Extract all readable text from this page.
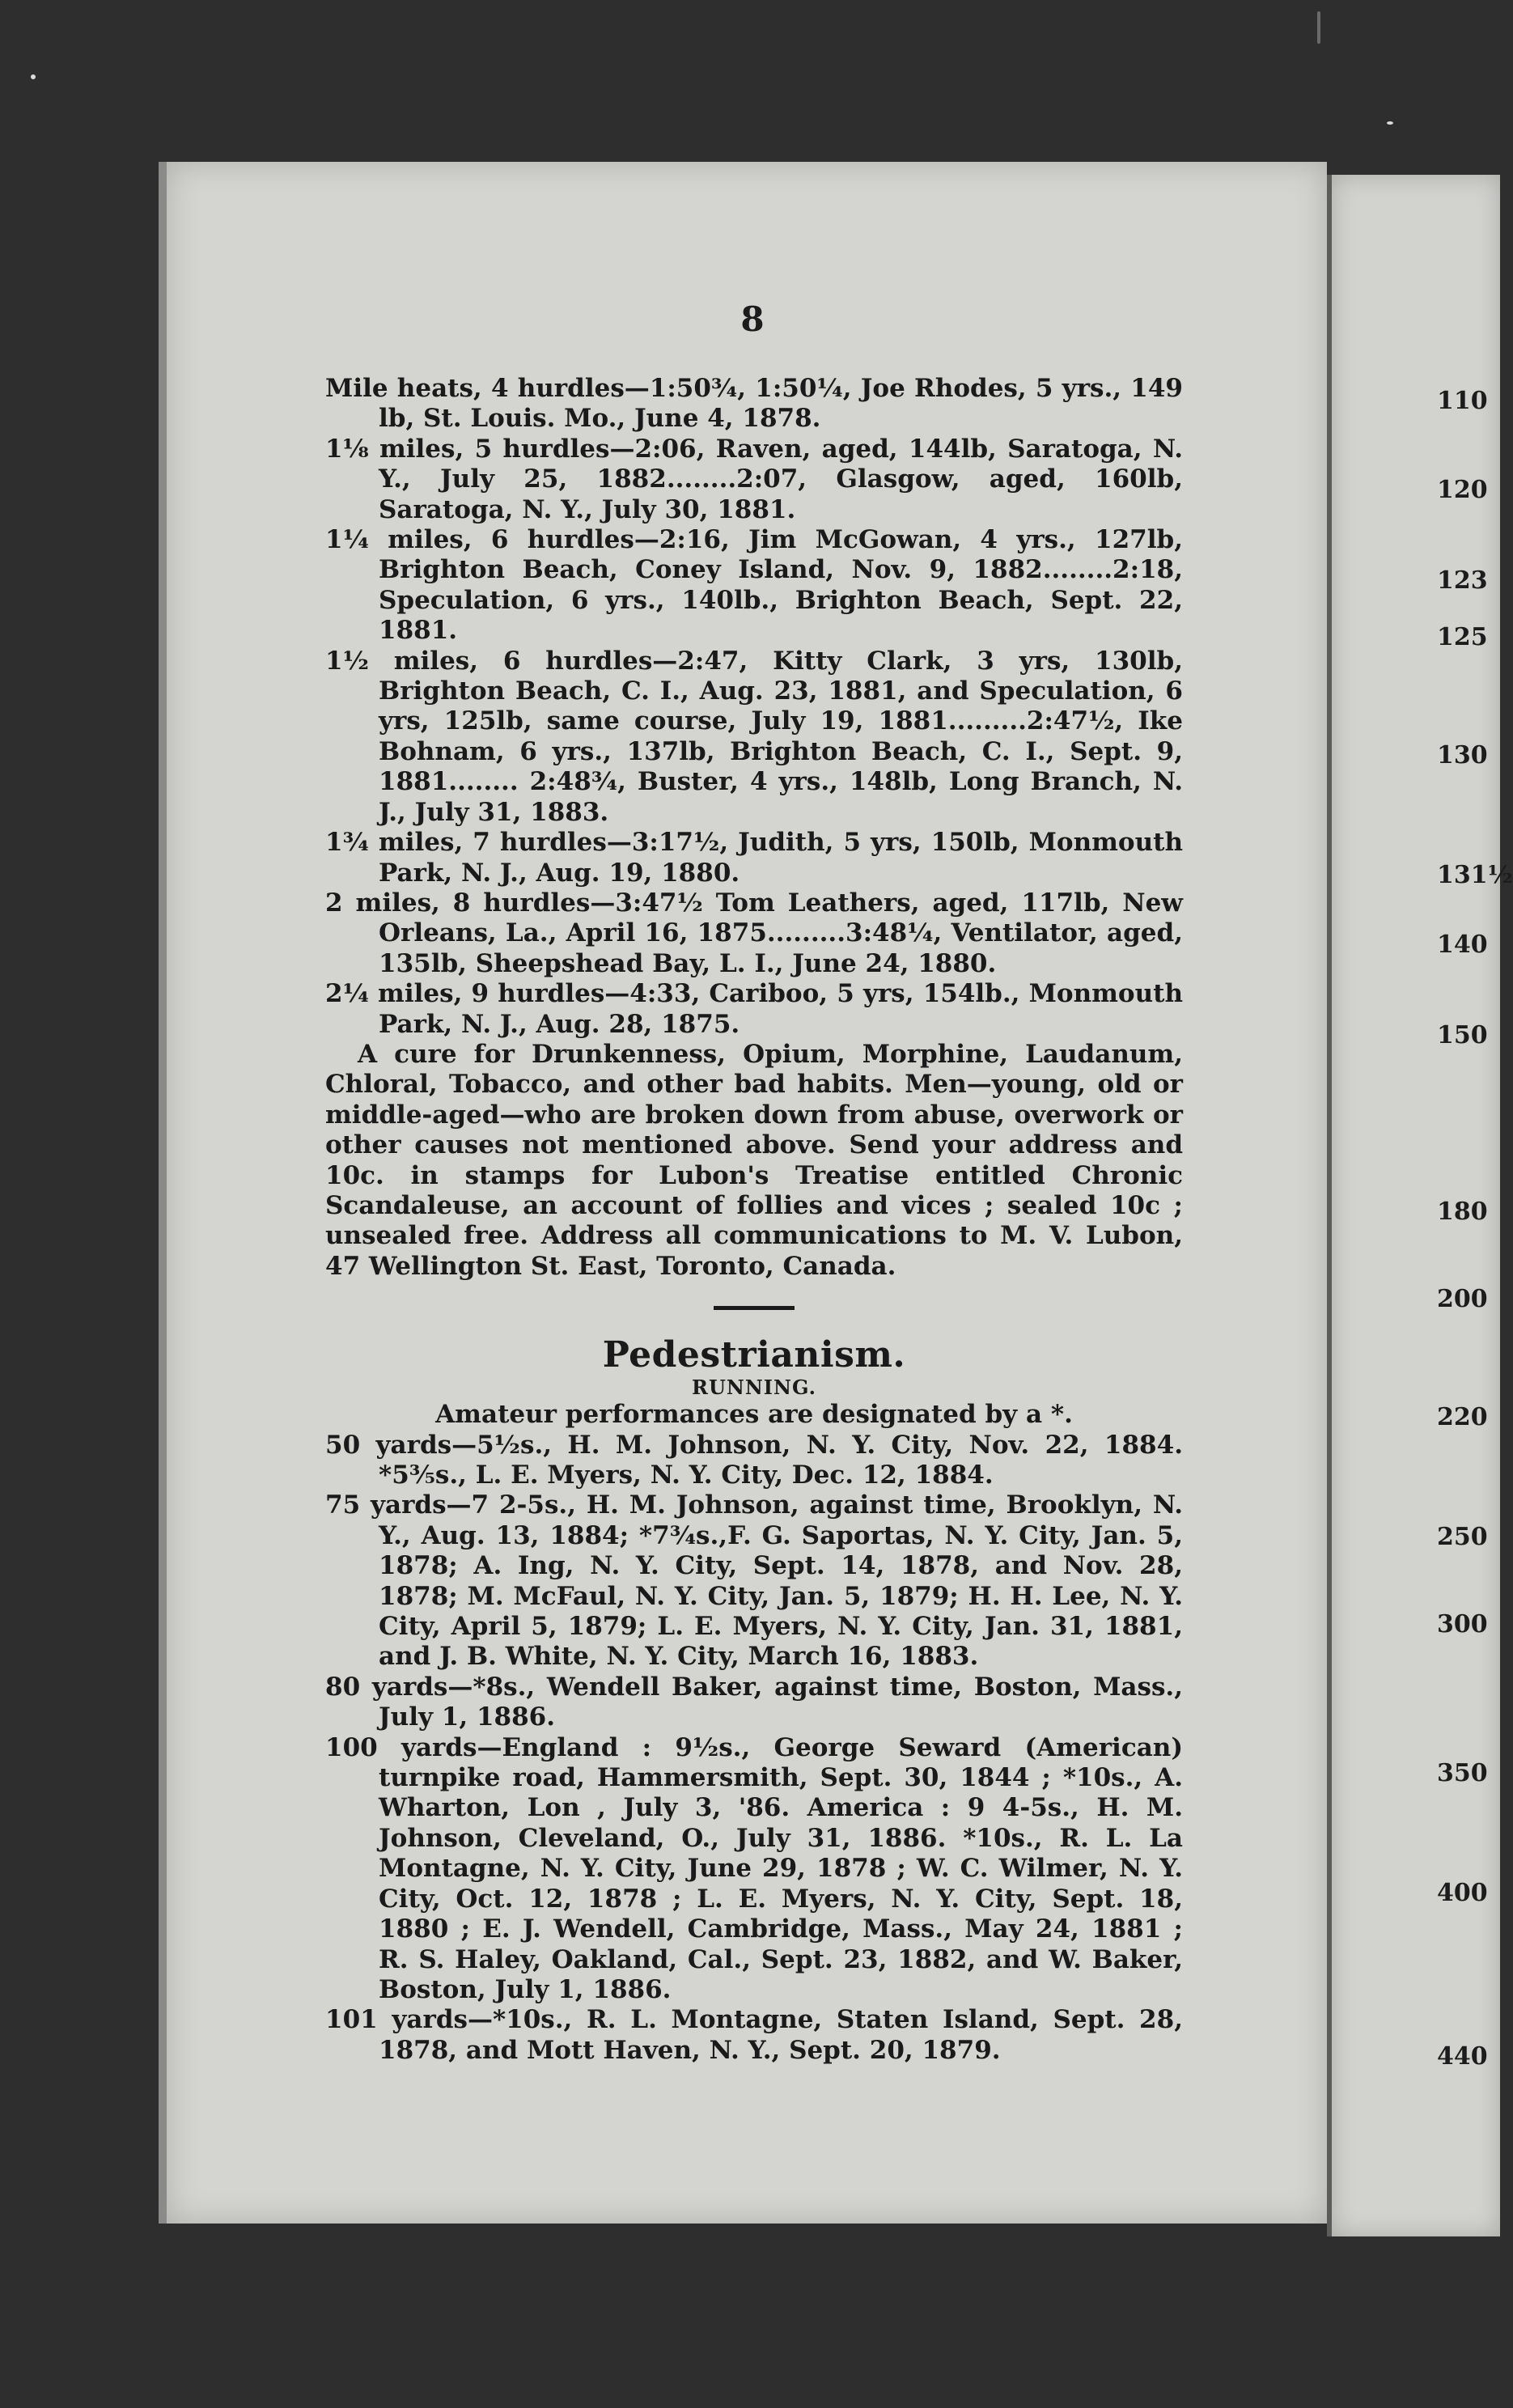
8

Mile heats, 4 hurdles—1:50¾, 1:50¼, Joe Rhodes, 5 yrs., 149 lb, St. Louis. Mo., June 4, 1878.

1⅛ miles, 5 hurdles—2:06, Raven, aged, 144lb, Saratoga, N. Y., July 25, 1882........2:07, Glasgow, aged, 160lb, Saratoga, N. Y., July 30, 1881.

1¼ miles, 6 hurdles—2:16, Jim McGowan, 4 yrs., 127lb, Brighton Beach, Coney Island, Nov. 9, 1882........2:18, Speculation, 6 yrs., 140lb., Brighton Beach, Sept. 22, 1881.

1½ miles, 6 hurdles—2:47, Kitty Clark, 3 yrs, 130lb, Brighton Beach, C. I., Aug. 23, 1881, and Speculation, 6 yrs, 125lb, same course, July 19, 1881.........2:47½, Ike Bohnam, 6 yrs., 137lb, Brighton Beach, C. I., Sept. 9, 1881........ 2:48¾, Buster, 4 yrs., 148lb, Long Branch, N. J., July 31, 1883.

1¾ miles, 7 hurdles—3:17½, Judith, 5 yrs, 150lb, Monmouth Park, N. J., Aug. 19, 1880.

2 miles, 8 hurdles—3:47½ Tom Leathers, aged, 117lb, New Orleans, La., April 16, 1875.........3:48¼, Ventilator, aged, 135lb, Sheepshead Bay, L. I., June 24, 1880.

2¼ miles, 9 hurdles—4:33, Cariboo, 5 yrs, 154lb., Monmouth Park, N. J., Aug. 28, 1875.

A cure for Drunkenness, Opium, Morphine, Laudanum, Chloral, Tobacco, and other bad habits. Men—young, old or middle-aged—who are broken down from abuse, overwork or other causes not mentioned above. Send your address and 10c. in stamps for Lubon's Treatise entitled Chronic Scandaleuse, an account of follies and vices ; sealed 10c ; unsealed free. Address all communications to M. V. Lubon, 47 Wellington St. East, Toronto, Canada.

Pedestrianism.

RUNNING.

Amateur performances are designated by a *.

50 yards—5½s., H. M. Johnson, N. Y. City, Nov. 22, 1884. *5⅗s., L. E. Myers, N. Y. City, Dec. 12, 1884.

75 yards—7 2-5s., H. M. Johnson, against time, Brooklyn, N. Y., Aug. 13, 1884; *7¾s.,F. G. Saportas, N. Y. City, Jan. 5, 1878; A. Ing, N. Y. City, Sept. 14, 1878, and Nov. 28, 1878; M. McFaul, N. Y. City, Jan. 5, 1879; H. H. Lee, N. Y. City, April 5, 1879; L. E. Myers, N. Y. City, Jan. 31, 1881, and J. B. White, N. Y. City, March 16, 1883.

80 yards—*8s., Wendell Baker, against time, Boston, Mass., July 1, 1886.

100 yards—England : 9½s., George Seward (American) turnpike road, Hammersmith, Sept. 30, 1844 ; *10s., A. Wharton, Lon , July 3, '86. America : 9 4-5s., H. M. Johnson, Cleveland, O., July 31, 1886. *10s., R. L. La Montagne, N. Y. City, June 29, 1878 ; W. C. Wilmer, N. Y. City, Oct. 12, 1878 ; L. E. Myers, N. Y. City, Sept. 18, 1880 ; E. J. Wendell, Cambridge, Mass., May 24, 1881 ; R. S. Haley, Oakland, Cal., Sept. 23, 1882, and W. Baker, Boston, July 1, 1886.

101 yards—*10s., R. L. Montagne, Staten Island, Sept. 28, 1878, and Mott Haven, N. Y., Sept. 20, 1879.

110
120
123
125
130
131½
140
150
180
200
220
250
300
350
400
440
